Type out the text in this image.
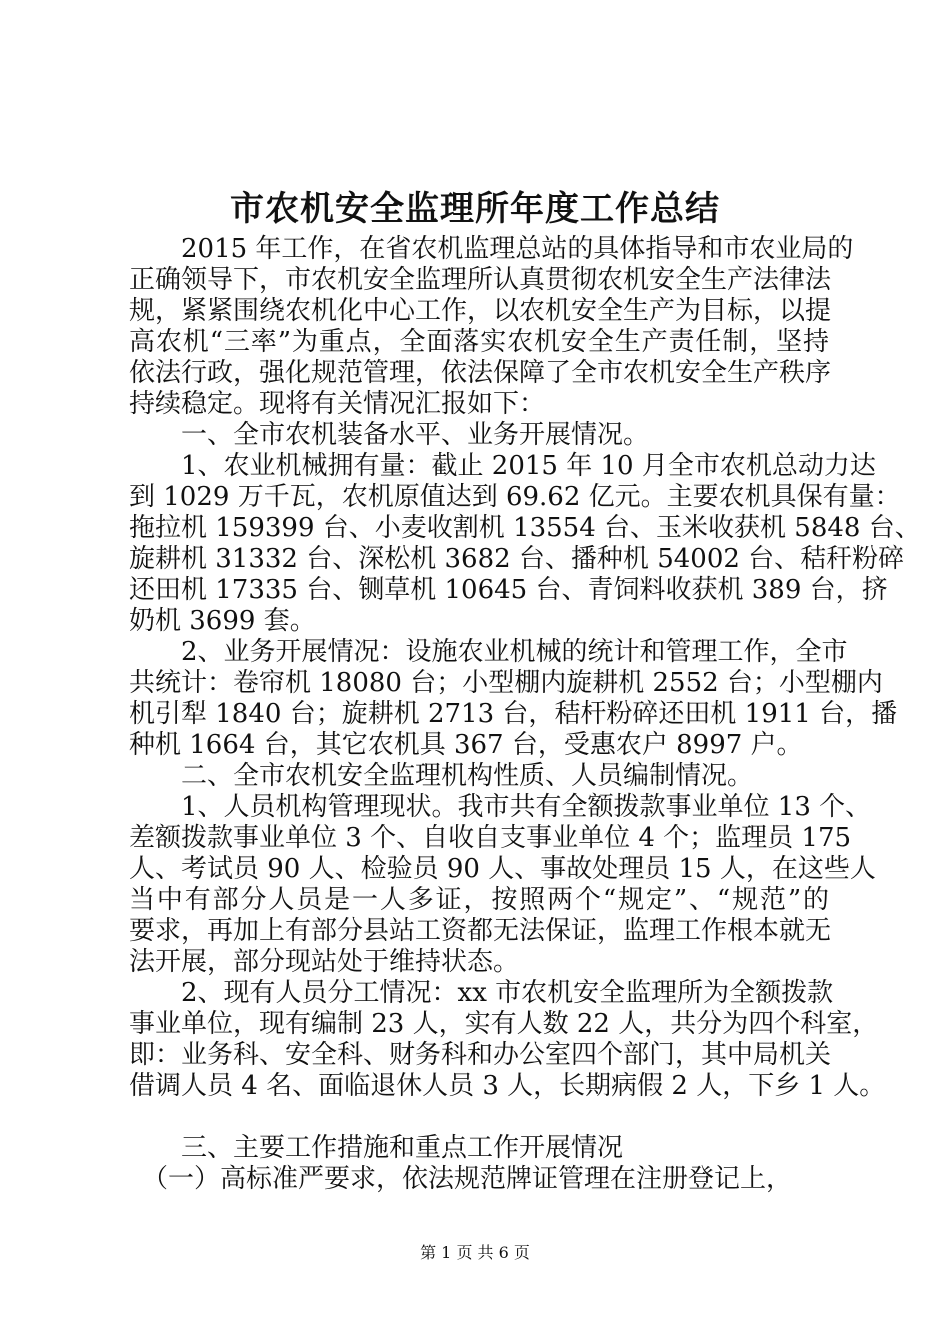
市农机安全监理所年度工作总结

　　2015 年工作，在省农机监理总站的具体指导和市农业局的

正确领导下，市农机安全监理所认真贯彻农机安全生产法律法

规，紧紧围绕农机化中心工作，以农机安全生产为目标，以提

高农机“三率”为重点，全面落实农机安全生产责任制，坚持

依法行政，强化规范管理，依法保障了全市农机安全生产秩序

持续稳定。现将有关情况汇报如下：

　　一、全市农机装备水平、业务开展情况。

　　1、农业机械拥有量：截止 2015 年 10 月全市农机总动力达

到 1029 万千瓦，农机原值达到 69.62 亿元。主要农机具保有量：

拖拉机 159399 台、小麦收割机 13554 台、玉米收获机 5848 台、

旋耕机 31332 台、深松机 3682 台、播种机 54002 台、秸秆粉碎

还田机 17335 台、铡草机 10645 台、青饲料收获机 389 台，挤

奶机 3699 套。

　　2、业务开展情况：设施农业机械的统计和管理工作，全市

共统计：卷帘机 18080 台；小型棚内旋耕机 2552 台；小型棚内

机引犁 1840 台；旋耕机 2713 台，秸杆粉碎还田机 1911 台，播

种机 1664 台，其它农机具 367 台，受惠农户 8997 户。

　　二、全市农机安全监理机构性质、人员编制情况。

　　1、人员机构管理现状。我市共有全额拨款事业单位 13 个、

差额拨款事业单位 3 个、自收自支事业单位 4 个；监理员 175

人、考试员 90 人、检验员 90 人、事故处理员 15 人，在这些人

当中有部分人员是一人多证，按照两个“规定”、“规范”的

要求，再加上有部分县站工资都无法保证，监理工作根本就无

法开展，部分现站处于维持状态。

　　2、现有人员分工情况：xx 市农机安全监理所为全额拨款

事业单位，现有编制 23 人，实有人数 22 人，共分为四个科室，

即：业务科、安全科、财务科和办公室四个部门，其中局机关

借调人员 4 名、面临退休人员 3 人，长期病假 2 人，下乡 1 人。

　　三、主要工作措施和重点工作开展情况

　（一）高标准严要求，依法规范牌证管理在注册登记上，

第 1 页 共 6 页
